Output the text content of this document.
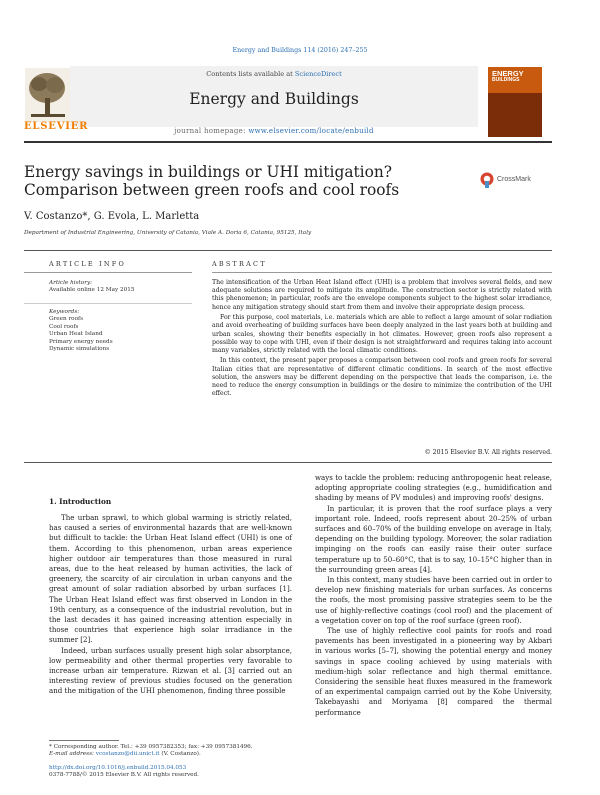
Energy and Buildings 114 (2016) 247–255
Contents lists available at ScienceDirect
Energy and Buildings
journal homepage: www.elsevier.com/locate/enbuild
ELSEVIER
ENERGY
BUILDINGS
Energy savings in buildings or UHI mitigation? Comparison between green roofs and cool roofs
CrossMark
V. Costanzo*, G. Evola, L. Marletta
Department of Industrial Engineering, University of Catania, Viale A. Doria 6, Catania, 95125, Italy
ARTICLE INFO
Article history:
Available online 12 May 2015
Keywords:
Green roofs
Cool roofs
Urban Heat Island
Primary energy needs
Dynamic simulations
ABSTRACT

The intensification of the Urban Heat Island effect (UHI) is a problem that involves several fields, and new adequate solutions are required to mitigate its amplitude. The construction sector is strictly related with this phenomenon; in particular, roofs are the envelope components subject to the highest solar irradiance, hence any mitigation strategy should start from them and involve their appropriate design process.

For this purpose, cool materials, i.e. materials which are able to reflect a large amount of solar radiation and avoid overheating of building surfaces have been deeply analyzed in the last years both at building and urban scales, showing their benefits especially in hot climates. However, green roofs also represent a possible way to cope with UHI, even if their design is not straightforward and requires taking into account many variables, strictly related with the local climatic conditions.

In this context, the present paper proposes a comparison between cool roofs and green roofs for several Italian cities that are representative of different climatic conditions. In search of the most effective solution, the answers may be different depending on the perspective that leads the comparison, i.e. the need to reduce the energy consumption in buildings or the desire to minimize the contribution of the UHI effect.

© 2015 Elsevier B.V. All rights reserved.
1. Introduction

The urban sprawl, to which global warming is strictly related, has caused a series of environmental hazards that are well-known but difficult to tackle: the Urban Heat Island effect (UHI) is one of them. According to this phenomenon, urban areas experience higher outdoor air temperatures than those measured in rural areas, due to the heat released by human activities, the lack of greenery, the scarcity of air circulation in urban canyons and the great amount of solar radiation absorbed by urban surfaces [1]. The Urban Heat Island effect was first observed in London in the 19th century, as a consequence of the industrial revolution, but in the last decades it has gained increasing attention especially in those countries that experience high solar irradiance in the summer [2].

Indeed, urban surfaces usually present high solar absorptance, low permeability and other thermal properties very favorable to increase urban air temperature. Rizwan et al. [3] carried out an interesting review of previous studies focused on the generation and the mitigation of the UHI phenomenon, finding three possible

ways to tackle the problem: reducing anthropogenic heat release, adopting appropriate cooling strategies (e.g., humidification and shading by means of PV modules) and improving roofs' designs.

In particular, it is proven that the roof surface plays a very important role. Indeed, roofs represent about 20–25% of urban surfaces and 60–70% of the building envelope on average in Italy, depending on the building typology. Moreover, the solar radiation impinging on the roofs can easily raise their outer surface temperature up to 50–60°C, that is to say, 10–15°C higher than in the surrounding green areas [4].

In this context, many studies have been carried out in order to develop new finishing materials for urban surfaces. As concerns the roofs, the most promising passive strategies seem to be the use of highly-reflective coatings (cool roof) and the placement of a vegetation cover on top of the roof surface (green roof).

The use of highly reflective cool paints for roofs and road pavements has been investigated in a pioneering way by Akbari in various works [5–7], showing the potential energy and money savings in space cooling achieved by using materials with medium-high solar reflectance and high thermal emittance. Considering the sensible heat fluxes measured in the framework of an experimental campaign carried out by the Kobe University, Takebayashi and Moriyama [8] compared the thermal performance

* Corresponding author. Tel.: +39 0957382353; fax: +39 0957381496.
E-mail address: vcostanzo@dii.unict.it (V. Costanzo).
http://dx.doi.org/10.1016/j.enbuild.2015.04.053
0378-7788/© 2015 Elsevier B.V. All rights reserved.
